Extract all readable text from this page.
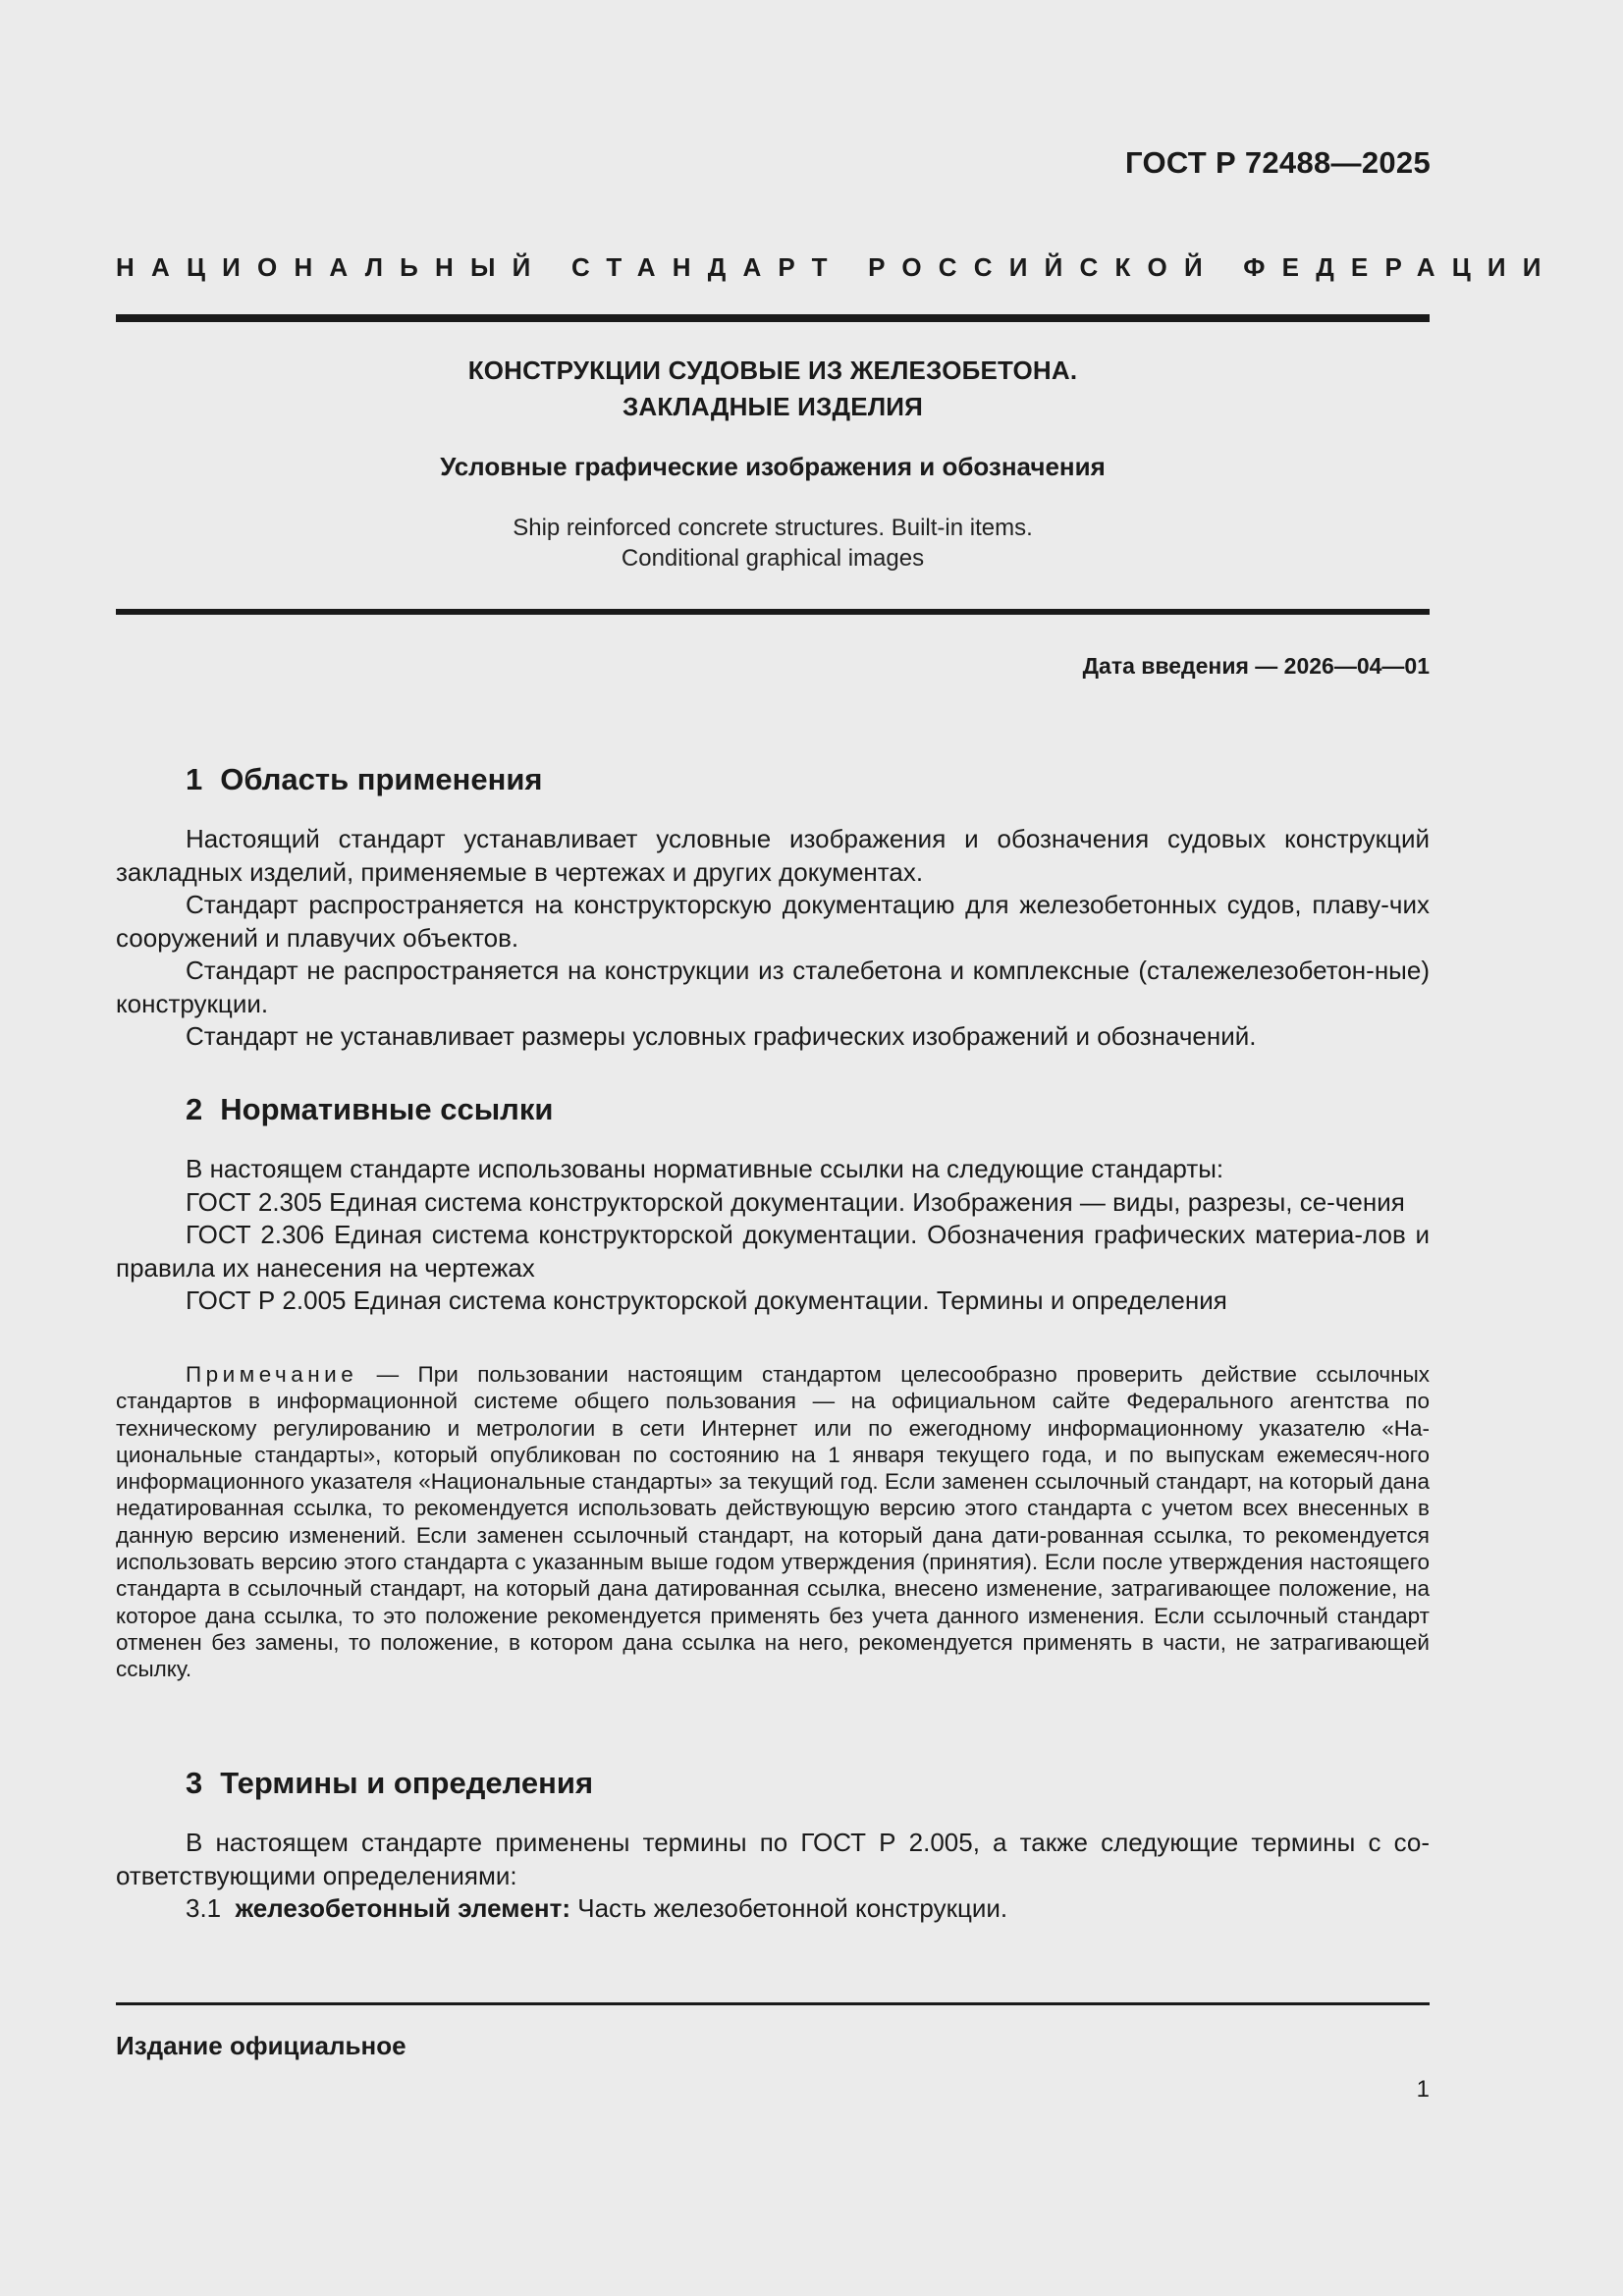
ГОСТ Р 72488—2025
НАЦИОНАЛЬНЫЙ СТАНДАРТ РОССИЙСКОЙ ФЕДЕРАЦИИ
КОНСТРУКЦИИ СУДОВЫЕ ИЗ ЖЕЛЕЗОБЕТОНА.
ЗАКЛАДНЫЕ ИЗДЕЛИЯ
Условные графические изображения и обозначения
Ship reinforced concrete structures. Built-in items.
Conditional graphical images
Дата введения — 2026—04—01
1 Область применения

Настоящий стандарт устанавливает условные изображения и обозначения судовых конструкций закладных изделий, применяемые в чертежах и других документах.

Стандарт распространяется на конструкторскую документацию для железобетонных судов, плаву-чих сооружений и плавучих объектов.

Стандарт не распространяется на конструкции из сталебетона и комплексные (сталежелезобетон-ные) конструкции.

Стандарт не устанавливает размеры условных графических изображений и обозначений.

2 Нормативные ссылки

В настоящем стандарте использованы нормативные ссылки на следующие стандарты:

ГОСТ 2.305 Единая система конструкторской документации. Изображения — виды, разрезы, се-чения

ГОСТ 2.306 Единая система конструкторской документации. Обозначения графических материа-лов и правила их нанесения на чертежах

ГОСТ Р 2.005 Единая система конструкторской документации. Термины и определения

Примечание — При пользовании настоящим стандартом целесообразно проверить действие ссылочных стандартов в информационной системе общего пользования — на официальном сайте Федерального агентства по техническому регулированию и метрологии в сети Интернет или по ежегодному информационному указателю «На-циональные стандарты», который опубликован по состоянию на 1 января текущего года, и по выпускам ежемесяч-ного информационного указателя «Национальные стандарты» за текущий год. Если заменен ссылочный стандарт, на который дана недатированная ссылка, то рекомендуется использовать действующую версию этого стандарта с учетом всех внесенных в данную версию изменений. Если заменен ссылочный стандарт, на который дана дати-рованная ссылка, то рекомендуется использовать версию этого стандарта с указанным выше годом утверждения (принятия). Если после утверждения настоящего стандарта в ссылочный стандарт, на который дана датированная ссылка, внесено изменение, затрагивающее положение, на которое дана ссылка, то это положение рекомендуется применять без учета данного изменения. Если ссылочный стандарт отменен без замены, то положение, в котором дана ссылка на него, рекомендуется применять в части, не затрагивающей ссылку.

3 Термины и определения

В настоящем стандарте применены термины по ГОСТ Р 2.005, а также следующие термины с со-ответствующими определениями:

3.1 железобетонный элемент: Часть железобетонной конструкции.

Издание официальное
1
